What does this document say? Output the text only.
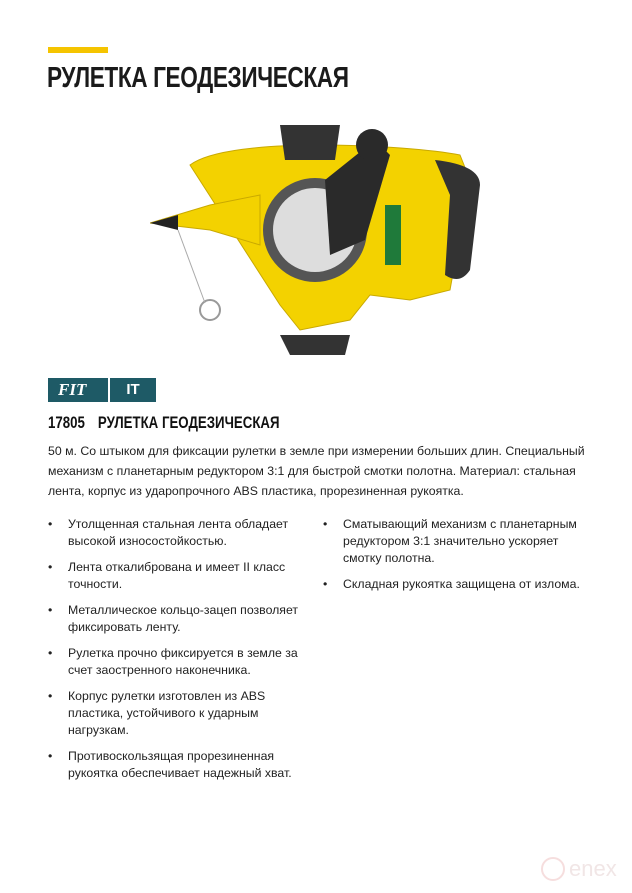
РУЛЕТКА ГЕОДЕЗИЧЕСКАЯ
FIT	IT
17805 РУЛЕТКА ГЕОДЕЗИЧЕСКАЯ
50 м. Со штыком для фиксации рулетки в земле при измерении больших длин. Специальный механизм с планетарным редуктором 3:1 для быстрой смотки полотна. Материал: стальная лента, корпус из ударопрочного ABS пластика, прорезиненная рукоятка.
• Утолщенная стальная лента обладает высокой износостойкостью.
• Лента откалибрована и имеет II класс точности.
• Металлическое кольцо-зацеп позволяет фиксировать ленту.
• Рулетка прочно фиксируется в земле за счет заостренного наконечника.
• Корпус рулетки изготовлен из ABS пластика, устойчивого к ударным нагрузкам.
• Противоскользящая прорезиненная рукоятка обеспечивает надежный хват.
• Сматывающий механизм с планетарным редуктором 3:1 значительно ускоряет смотку полотна.
• Складная рукоятка защищена от излома.
enex
